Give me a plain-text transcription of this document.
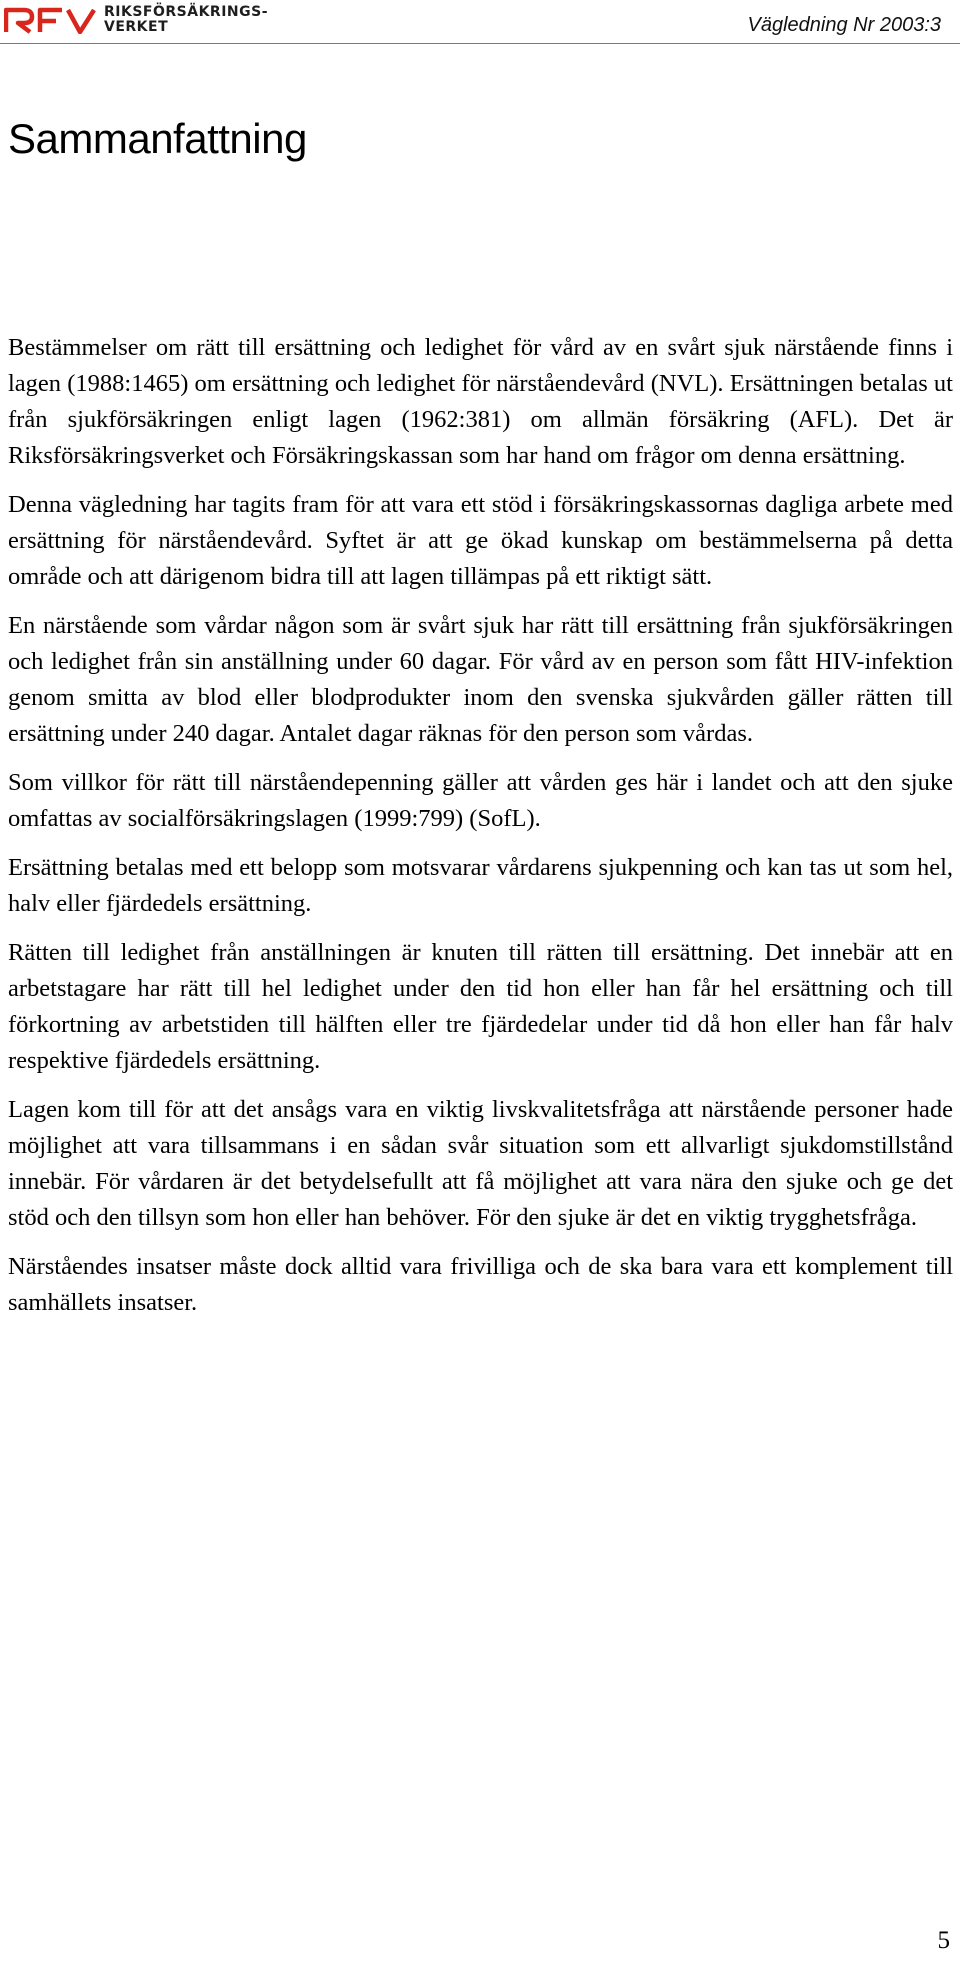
RIKSFÖRSÄKRINGS-
VERKET	Vägledning Nr 2003:3
Sammanfattning

Bestämmelser om rätt till ersättning och ledighet för vård av en svårt sjuk närstående finns i lagen (1988:1465) om ersättning och ledighet för närståendevård (NVL). Ersättningen betalas ut från sjukförsäkringen enligt lagen (1962:381) om allmän försäkring (AFL). Det är Riksförsäkringsverket och Försäkringskassan som har hand om frågor om denna ersättning.

Denna vägledning har tagits fram för att vara ett stöd i försäkringskassornas dagliga arbete med ersättning för närståendevård. Syftet är att ge ökad kunskap om bestämmelserna på detta område och att därigenom bidra till att lagen tillämpas på ett riktigt sätt.

En närstående som vårdar någon som är svårt sjuk har rätt till ersättning från sjukförsäkringen och ledighet från sin anställning under 60 dagar. För vård av en person som fått HIV-infektion genom smitta av blod eller blodprodukter inom den svenska sjukvården gäller rätten till ersättning under 240 dagar. Antalet dagar räknas för den person som vårdas.

Som villkor för rätt till närståendepenning gäller att vården ges här i landet och att den sjuke omfattas av socialförsäkringslagen (1999:799) (SofL).

Ersättning betalas med ett belopp som motsvarar vårdarens sjukpenning och kan tas ut som hel, halv eller fjärdedels ersättning.

Rätten till ledighet från anställningen är knuten till rätten till ersättning. Det innebär att en arbetstagare har rätt till hel ledighet under den tid hon eller han får hel ersättning och till förkortning av arbetstiden till hälften eller tre fjärdedelar under tid då hon eller han får halv respektive fjärdedels ersättning.

Lagen kom till för att det ansågs vara en viktig livskvalitetsfråga att närstående personer hade möjlighet att vara tillsammans i en sådan svår situation som ett allvarligt sjukdomstillstånd innebär. För vårdaren är det betydelsefullt att få möjlighet att vara nära den sjuke och ge det stöd och den tillsyn som hon eller han behöver. För den sjuke är det en viktig trygghetsfråga.

Närståendes insatser måste dock alltid vara frivilliga och de ska bara vara ett komplement till samhällets insatser.

5
